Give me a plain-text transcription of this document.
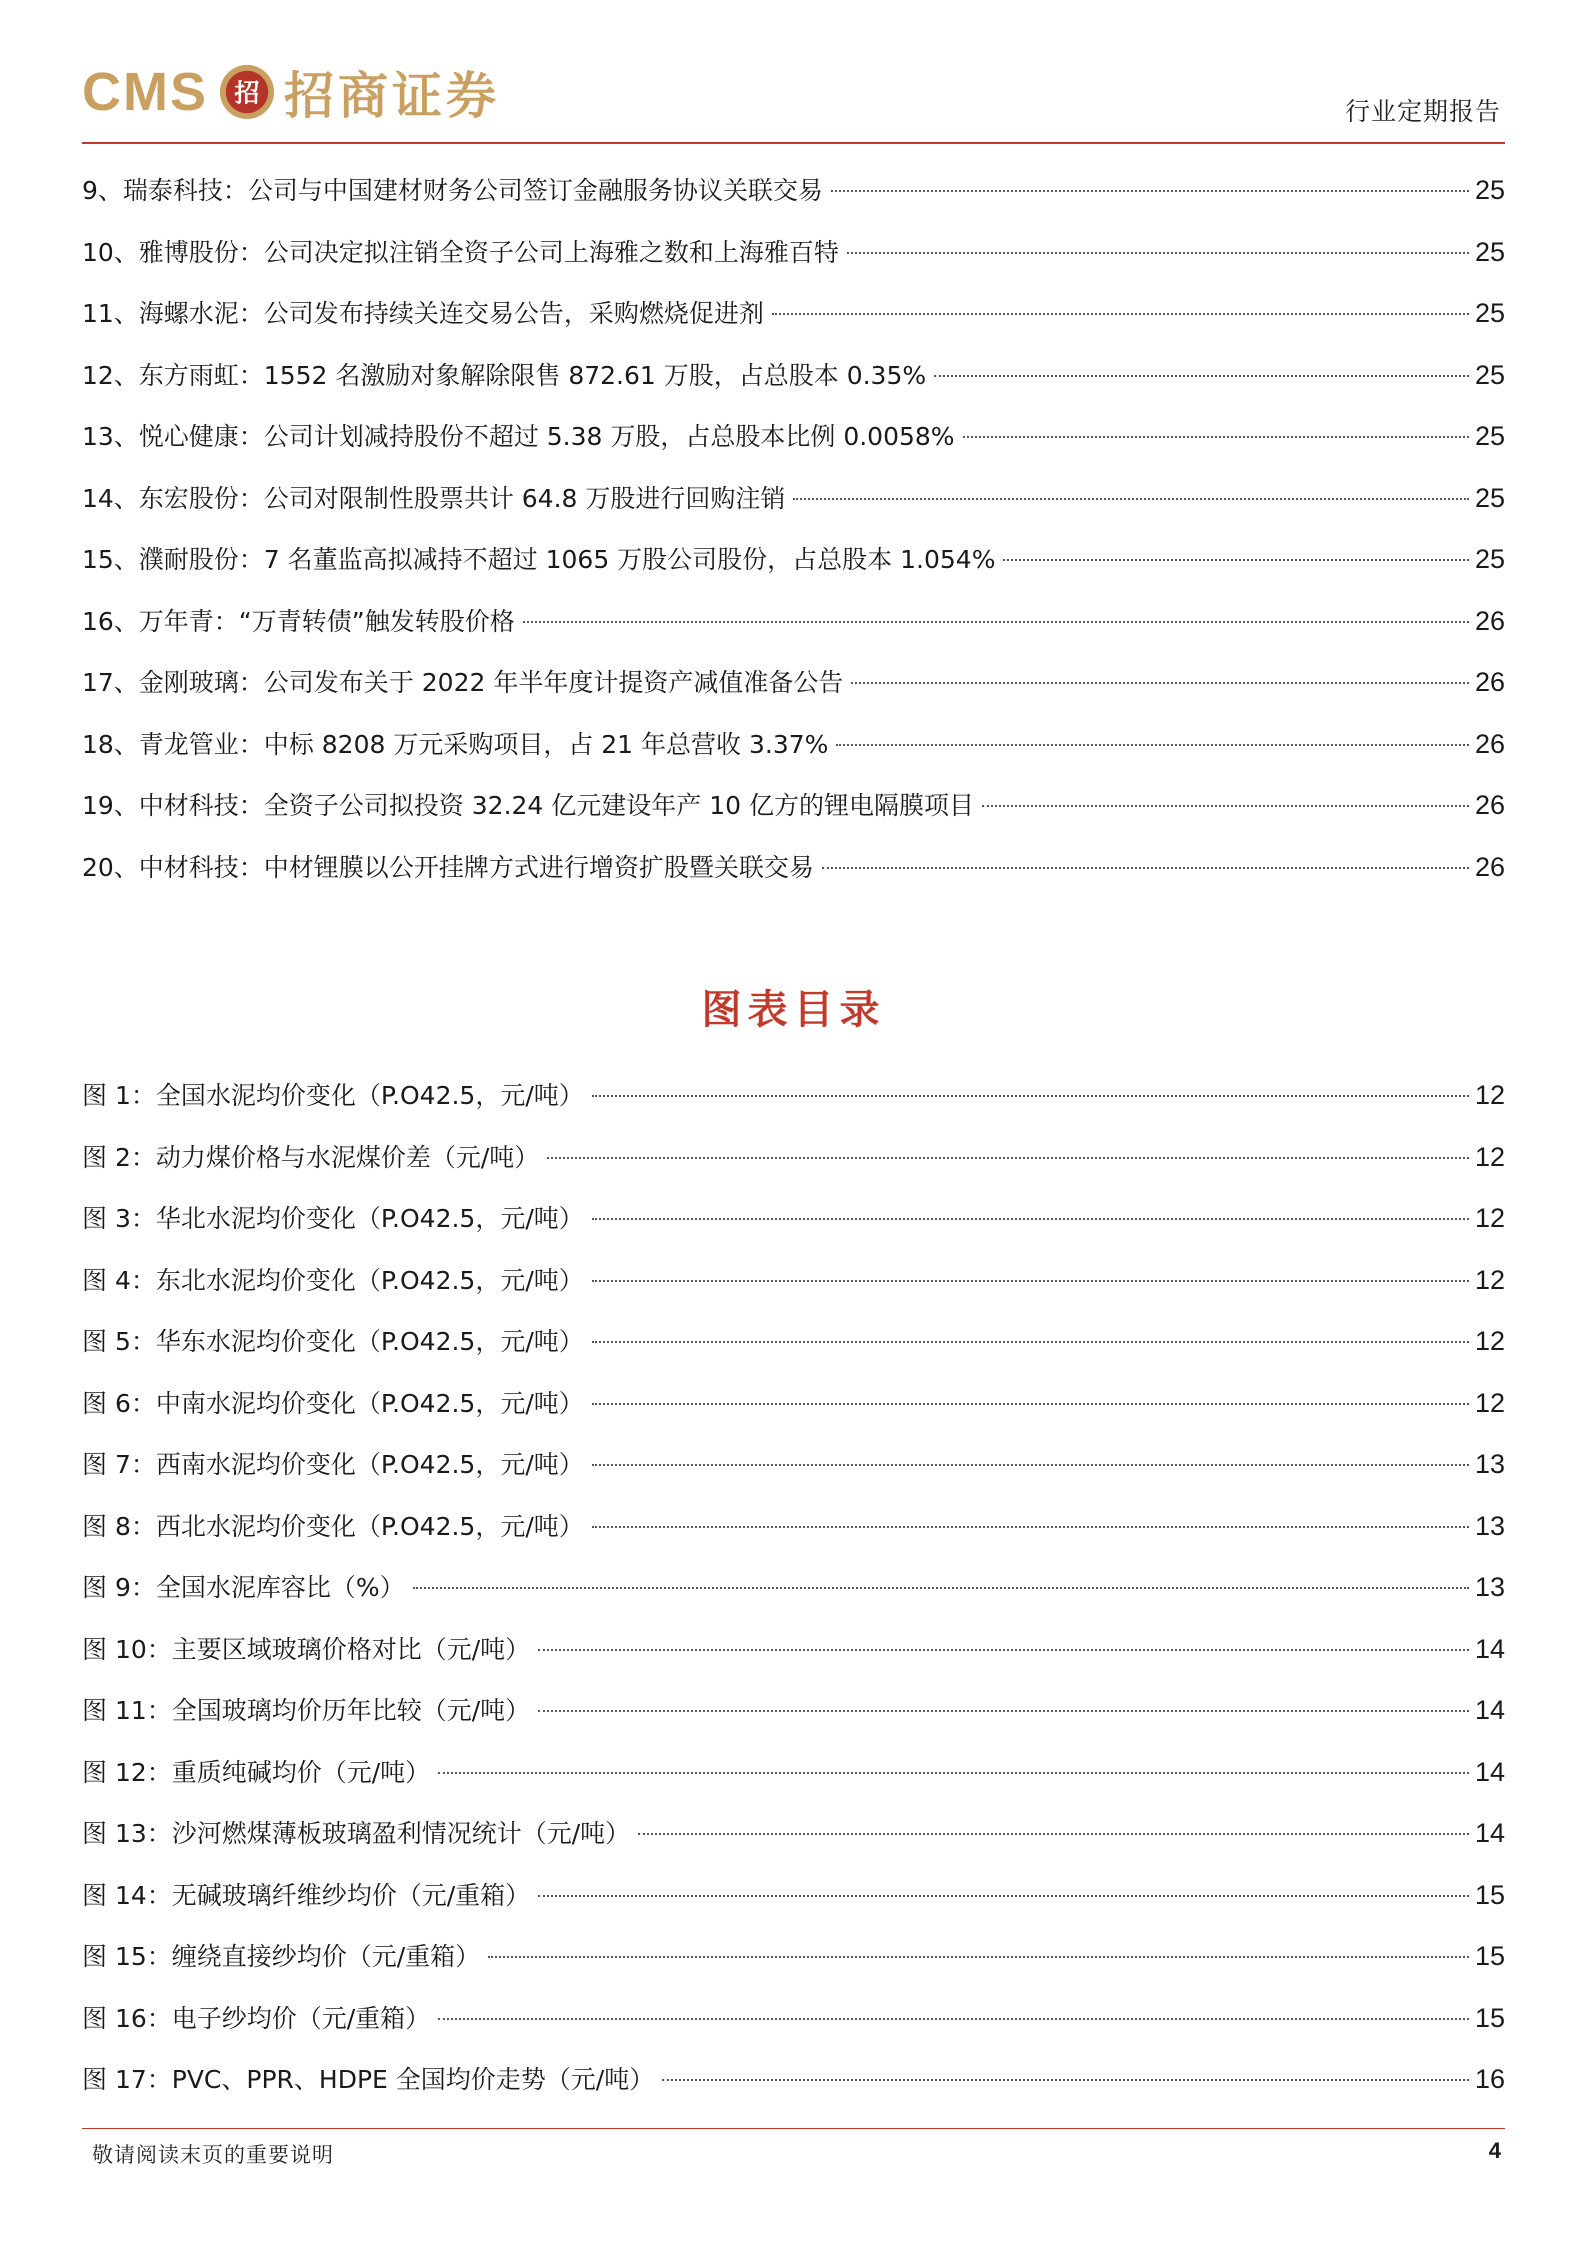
CMS 招 招商证券	行业定期报告
9、瑞泰科技：公司与中国建材财务公司签订金融服务协议关联交易	25
10、雅博股份：公司决定拟注销全资子公司上海雅之数和上海雅百特	25
11、海螺水泥：公司发布持续关连交易公告，采购燃烧促进剂	25
12、东方雨虹：1552 名激励对象解除限售 872.61 万股，占总股本 0.35%	25
13、悦心健康：公司计划减持股份不超过 5.38 万股，占总股本比例 0.0058%	25
14、东宏股份：公司对限制性股票共计 64.8 万股进行回购注销	25
15、濮耐股份：7 名董监高拟减持不超过 1065 万股公司股份，占总股本 1.054%	25
16、万年青：“万青转债”触发转股价格	26
17、金刚玻璃：公司发布关于 2022 年半年度计提资产减值准备公告	26
18、青龙管业：中标 8208 万元采购项目，占 21 年总营收 3.37%	26
19、中材科技：全资子公司拟投资 32.24 亿元建设年产 10 亿方的锂电隔膜项目	26
20、中材科技：中材锂膜以公开挂牌方式进行增资扩股暨关联交易	26
图表目录
图 1：全国水泥均价变化（P.O42.5，元/吨）	12
图 2：动力煤价格与水泥煤价差（元/吨）	12
图 3：华北水泥均价变化（P.O42.5，元/吨）	12
图 4：东北水泥均价变化（P.O42.5，元/吨）	12
图 5：华东水泥均价变化（P.O42.5，元/吨）	12
图 6：中南水泥均价变化（P.O42.5，元/吨）	12
图 7：西南水泥均价变化（P.O42.5，元/吨）	13
图 8：西北水泥均价变化（P.O42.5，元/吨）	13
图 9：全国水泥库容比（%）	13
图 10：主要区域玻璃价格对比（元/吨）	14
图 11：全国玻璃均价历年比较（元/吨）	14
图 12：重质纯碱均价（元/吨）	14
图 13：沙河燃煤薄板玻璃盈利情况统计（元/吨）	14
图 14：无碱玻璃纤维纱均价（元/重箱）	15
图 15：缠绕直接纱均价（元/重箱）	15
图 16：电子纱均价（元/重箱）	15
图 17：PVC、PPR、HDPE 全国均价走势（元/吨）	16
敬请阅读末页的重要说明	4
